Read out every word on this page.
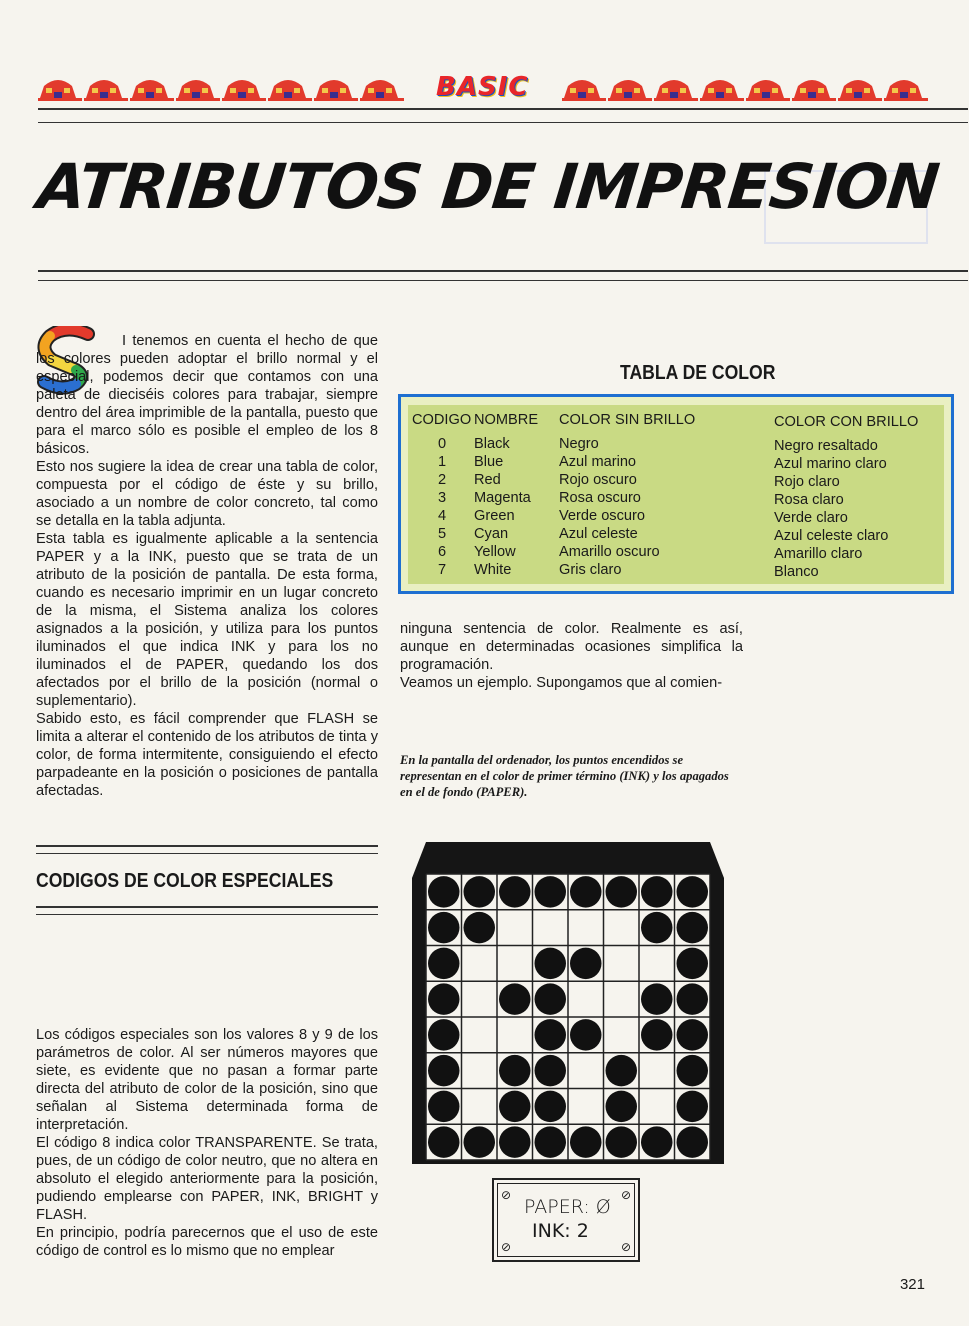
BASIC
ATRIBUTOS DE IMPRESION

I tenemos en cuenta el hecho de que los colores pueden adoptar el brillo normal y el especial, podemos decir que contamos con una paleta de dieciséis colores para trabajar, siempre dentro del área imprimible de la pantalla, puesto que para el marco sólo es posible el empleo de los 8 básicos.

Esto nos sugiere la idea de crear una tabla de color, compuesta por el código de éste y su brillo, asociado a un nombre de color concreto, tal como se detalla en la tabla adjunta.

Esta tabla es igualmente aplicable a la sentencia PAPER y a la INK, puesto que se trata de un atributo de la posición de pantalla. De esta forma, cuando es necesario imprimir en un lugar concreto de la misma, el Sistema analiza los colores asignados a la posición, y utiliza para los puntos iluminados el que indica INK y para los no iluminados el de PAPER, quedando los dos afectados por el brillo de la posición (normal o suplementario).

Sabido esto, es fácil comprender que FLASH se limita a alterar el contenido de los atributos de tinta y color, de forma intermitente, consiguiendo el efecto parpadeante en la posición o posiciones de pantalla afectadas.

CODIGOS DE COLOR ESPECIALES

Los códigos especiales son los valores 8 y 9 de los parámetros de color. Al ser números mayores que siete, es evidente que no pasan a formar parte directa del atributo de color de la posición, sino que señalan al Sistema determinada forma de interpretación.

El código 8 indica color TRANSPARENTE. Se trata, pues, de un código de color neutro, que no altera en absoluto el elegido anteriormente para la posición, pudiendo emplearse con PAPER, INK, BRIGHT y FLASH.

En principio, podría parecernos que el uso de este código de control es lo mismo que no emplear

TABLA DE COLOR
CODIGO
0
1
2
3
4
5
6
7
NOMBRE
Black
Blue
Red
Magenta
Green
Cyan
Yellow
White
COLOR SIN BRILLO
Negro
Azul marino
Rojo oscuro
Rosa oscuro
Verde oscuro
Azul celeste
Amarillo oscuro
Gris claro
COLOR CON BRILLO
Negro resaltado
Azul marino claro
Rojo claro
Rosa claro
Verde claro
Azul celeste claro
Amarillo claro
Blanco

ninguna sentencia de color. Realmente es así, aunque en determinadas ocasiones simplifica la programación.

Veamos un ejemplo. Supongamos que al comien-

En la pantalla del ordenador, los puntos encendidos se representan en el color de primer término (INK) y los apagados en el de fondo (PAPER).
⊘	⊘
⊘	⊘
PAPER: Ø
INK: 2
321
